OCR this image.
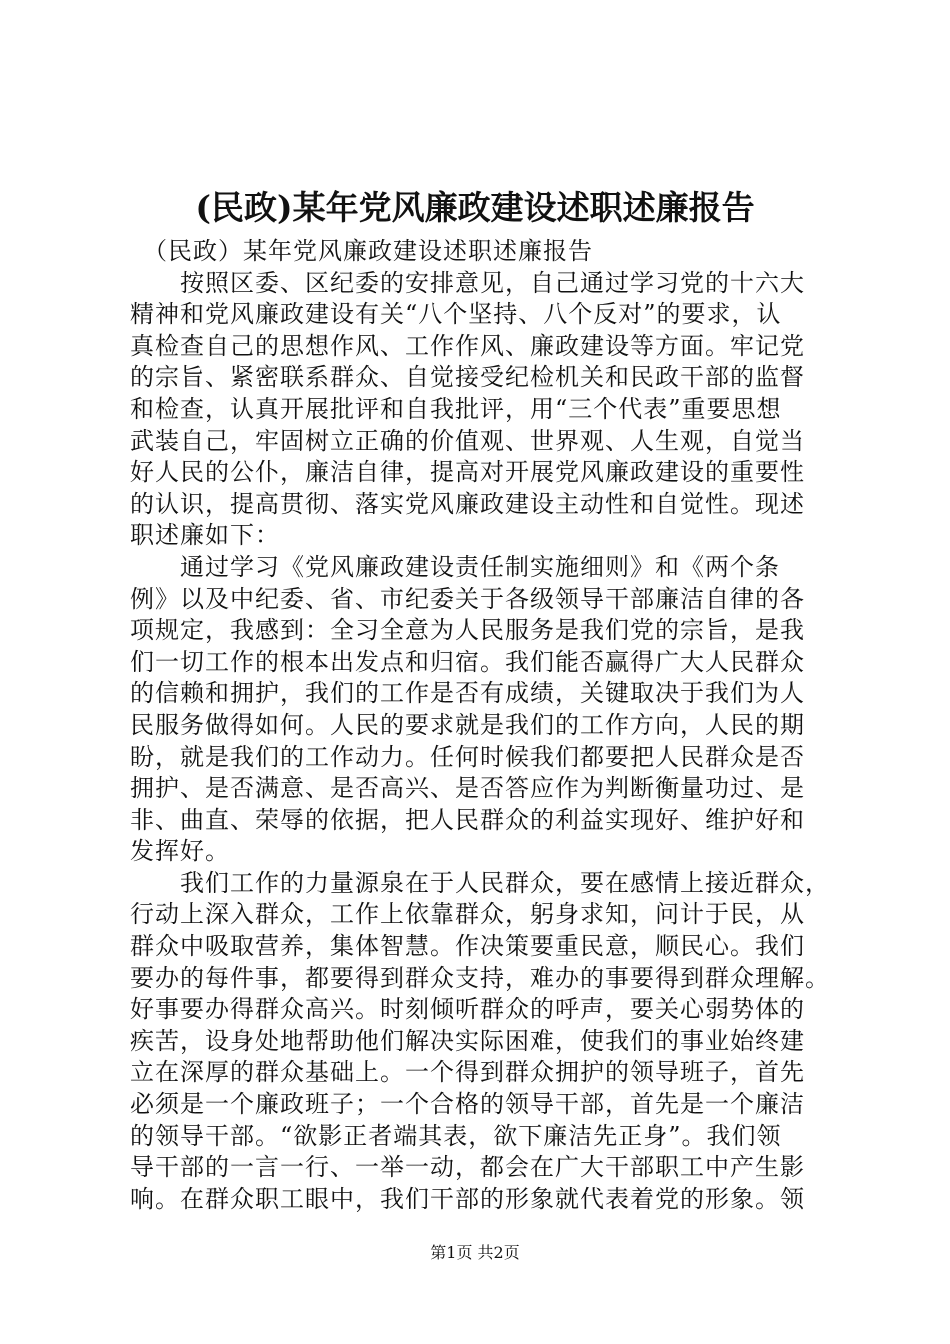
(民政)某年党风廉政建设述职述廉报告
　（民政）某年党风廉政建设述职述廉报告
　　按照区委、区纪委的安排意见，自己通过学习党的十六大
精神和党风廉政建设有关“八个坚持、八个反对”的要求，认
真检查自己的思想作风、工作作风、廉政建设等方面。牢记党
的宗旨、紧密联系群众、自觉接受纪检机关和民政干部的监督
和检查，认真开展批评和自我批评，用“三个代表”重要思想
武装自己，牢固树立正确的价值观、世界观、人生观，自觉当
好人民的公仆，廉洁自律，提高对开展党风廉政建设的重要性
的认识，提高贯彻、落实党风廉政建设主动性和自觉性。现述
职述廉如下：
　　通过学习《党风廉政建设责任制实施细则》和《两个条
例》以及中纪委、省、市纪委关于各级领导干部廉洁自律的各
项规定，我感到：全习全意为人民服务是我们党的宗旨，是我
们一切工作的根本出发点和归宿。我们能否赢得广大人民群众
的信赖和拥护，我们的工作是否有成绩，关键取决于我们为人
民服务做得如何。人民的要求就是我们的工作方向，人民的期
盼，就是我们的工作动力。任何时候我们都要把人民群众是否
拥护、是否满意、是否高兴、是否答应作为判断衡量功过、是
非、曲直、荣辱的依据，把人民群众的利益实现好、维护好和
发挥好。
　　我们工作的力量源泉在于人民群众，要在感情上接近群众，
行动上深入群众，工作上依靠群众，躬身求知，问计于民，从
群众中吸取营养，集体智慧。作决策要重民意，顺民心。我们
要办的每件事，都要得到群众支持，难办的事要得到群众理解。
好事要办得群众高兴。时刻倾听群众的呼声，要关心弱势体的
疾苦，设身处地帮助他们解决实际困难，使我们的事业始终建
立在深厚的群众基础上。一个得到群众拥护的领导班子，首先
必须是一个廉政班子；一个合格的领导干部，首先是一个廉洁
的领导干部。“欲影正者端其表，欲下廉洁先正身”。我们领
导干部的一言一行、一举一动，都会在广大干部职工中产生影
响。在群众职工眼中，我们干部的形象就代表着党的形象。领
第1页 共2页
